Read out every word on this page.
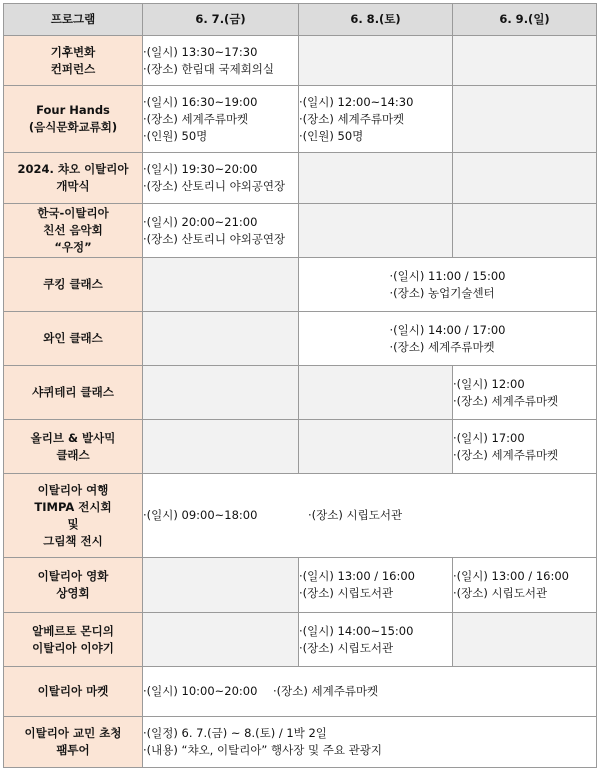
프로그램	6. 7.(금)	6. 8.(토)	6. 9.(일)

기후변화
컨퍼런스	·(일시) 13:30~17:30
·(장소) 한림대 국제회의실		

Four Hands
(음식문화교류회)	·(일시) 16:30~19:00
·(장소) 세계주류마켓
·(인원) 50명	·(일시) 12:00~14:30
·(장소) 세계주류마켓
·(인원) 50명	

2024. 챠오 이탈리아
개막식	·(일시) 19:30~20:00
·(장소) 산토리니 야외공연장		

한국-이탈리아
친선 음악회
“우정”	·(일시) 20:00~21:00
·(장소) 산토리니 야외공연장		

쿠킹 클래스		·(일시) 11:00 / 15:00
·(장소) 농업기술센터	

와인 클래스		·(일시) 14:00 / 17:00
·(장소) 세계주류마켓	

샤퀴테리 클래스			·(일시) 12:00
·(장소) 세계주류마켓

올리브 & 발사믹
클래스			·(일시) 17:00
·(장소) 세계주류마켓

이탈리아 여행
TIMPA 전시회
및
그림책 전시	·(일시) 09:00~18:00 ·(장소) 시립도서관		

이탈리아 영화
상영회		·(일시) 13:00 / 16:00
·(장소) 시립도서관	·(일시) 13:00 / 16:00
·(장소) 시립도서관

알베르토 몬디의
이탈리아 이야기		·(일시) 14:00~15:00
·(장소) 시립도서관	

이탈리아 마켓	·(일시) 10:00~20:00 ·(장소) 세계주류마켓		

이탈리아 교민 초청
팸투어	·(일정) 6. 7.(금) ~ 8.(토) / 1박 2일
·(내용) “챠오, 이탈리아” 행사장 및 주요 관광지		
